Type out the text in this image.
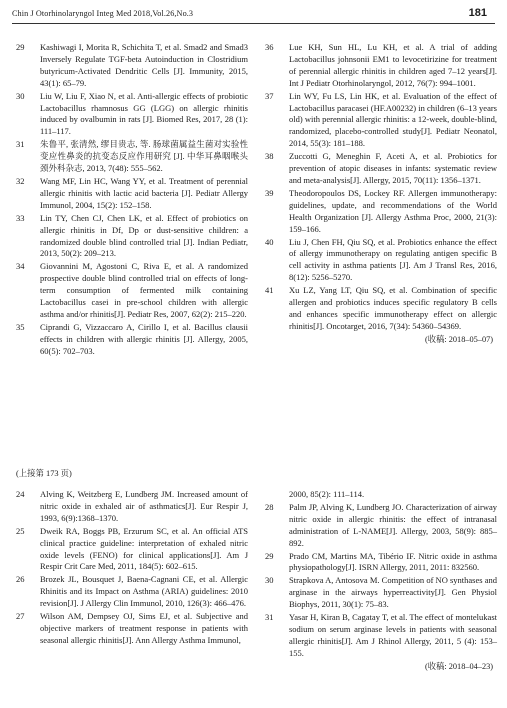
Chin J Otorhinolaryngol Integ Med 2018,Vol.26,No.3	181
29 Kashiwagi I, Morita R, Schichita T, et al. Smad2 and Smad3 Inversely Regulate TGF-beta Autoinduction in Clostridium butyricum-Activated Dendritic Cells [J]. Immunity, 2015, 43(1): 65–79.
30 Liu W, Liu F, Xiao N, et al. Anti-allergic effects of probiotic Lactobacillus rhamnosus GG (LGG) on allergic rhinitis induced by ovalbumin in rats [J]. Biomed Res, 2017, 28 (1): 111–117.
31 朱鲁平, 张清然, 缪目贵志, 等. 肠球菌属益生菌对实验性变应性鼻炎的抗变态反应作用研究 [J]. 中华耳鼻咽喉头颈外科杂志, 2013, 7(48): 555–562.
32 Wang MF, Lin HC, Wang YY, et al. Treatment of perennial allergic rhinitis with lactic acid bacteria [J]. Pediatr Allergy Immunol, 2004, 15(2): 152–158.
33 Lin TY, Chen CJ, Chen LK, et al. Effect of probiotics on allergic rhinitis in Df, Dp or dust-sensitive children: a randomized double blind controlled trial [J]. Indian Pediatr, 2013, 50(2): 209–213.
34 Giovannini M, Agostoni C, Riva E, et al. A randomized prospective double blind controlled trial on effects of long-term consumption of fermented milk containing Lactobacillus casei in pre-school children with allergic asthma and/or rhinitis[J]. Pediatr Res, 2007, 62(2): 215–220.
35 Ciprandi G, Vizzaccaro A, Cirillo I, et al. Bacillus clausii effects in children with allergic rhinitis [J]. Allergy, 2005, 60(5): 702–703.
36 Lue KH, Sun HL, Lu KH, et al. A trial of adding Lactobacillus johnsonii EM1 to levocetirizine for treatment of perennial allergic rhinitis in children aged 7–12 years[J]. Int J Pediatr Otorhinolaryngol, 2012, 76(7): 994–1001.
37 Lin WY, Fu LS, Lin HK, et al. Evaluation of the effect of Lactobacillus paracasei (HF.A00232) in children (6–13 years old) with perennial allergic rhinitis: a 12-week, double-blind, randomized, placebo-controlled study[J]. Pediatr Neonatol, 2014, 55(3): 181–188.
38 Zuccotti G, Meneghin F, Aceti A, et al. Probiotics for prevention of atopic diseases in infants: systematic review and meta-analysis[J]. Allergy, 2015, 70(11): 1356–1371.
39 Theodoropoulos DS, Lockey RF. Allergen immunotherapy: guidelines, update, and recommendations of the World Health Organization [J]. Allergy Asthma Proc, 2000, 21(3): 159–166.
40 Liu J, Chen FH, Qiu SQ, et al. Probiotics enhance the effect of allergy immunotherapy on regulating antigen specific B cell activity in asthma patients [J]. Am J Transl Res, 2016, 8(12): 5256–5270.
41 Xu LZ, Yang LT, Qiu SQ, et al. Combination of specific allergen and probiotics induces specific regulatory B cells and enhances specific immunotherapy effect on allergic rhinitis[J]. Oncotarget, 2016, 7(34): 54360–54369.
(收稿: 2018–05–07)
(上接第 173 页)
24 Alving K, Weitzberg E, Lundberg JM. Increased amount of nitric oxide in exhaled air of asthmatics[J]. Eur Respir J, 1993, 6(9):1368–1370.
25 Dweik RA, Boggs PB, Erzurum SC, et al. An official ATS clinical practice guideline: interpretation of exhaled nitric oxide levels (FENO) for clinical applications[J]. Am J Respir Crit Care Med, 2011, 184(5): 602–615.
26 Brozek JL, Bousquet J, Baena-Cagnani CE, et al. Allergic Rhinitis and its Impact on Asthma (ARIA) guidelines: 2010 revision[J]. J Allergy Clin Immunol, 2010, 126(3): 466–476.
27 Wilson AM, Dempsey OJ, Sims EJ, et al. Subjective and objective markers of treatment response in patients with seasonal allergic rhinitis[J]. Ann Allergy Asthma Immunol,
2000, 85(2): 111–114.
28 Palm JP, Alving K, Lundberg JO. Characterization of airway nitric oxide in allergic rhinitis: the effect of intranasal administration of L-NAME[J]. Allergy, 2003, 58(9): 885–892.
29 Prado CM, Martins MA, Tibério IF. Nitric oxide in asthma physiopathology[J]. ISRN Allergy, 2011, 2011: 832560.
30 Strapkova A, Antosova M. Competition of NO synthases and arginase in the airways hyperreactivity[J]. Gen Physiol Biophys, 2011, 30(1): 75–83.
31 Yasar H, Kiran B, Cagatay T, et al. The effect of montelukast sodium on serum arginase levels in patients with seasonal allergic rhinitis[J]. Am J Rhinol Allergy, 2011, 5 (4): 153–155.
(收稿: 2018–04–23)
